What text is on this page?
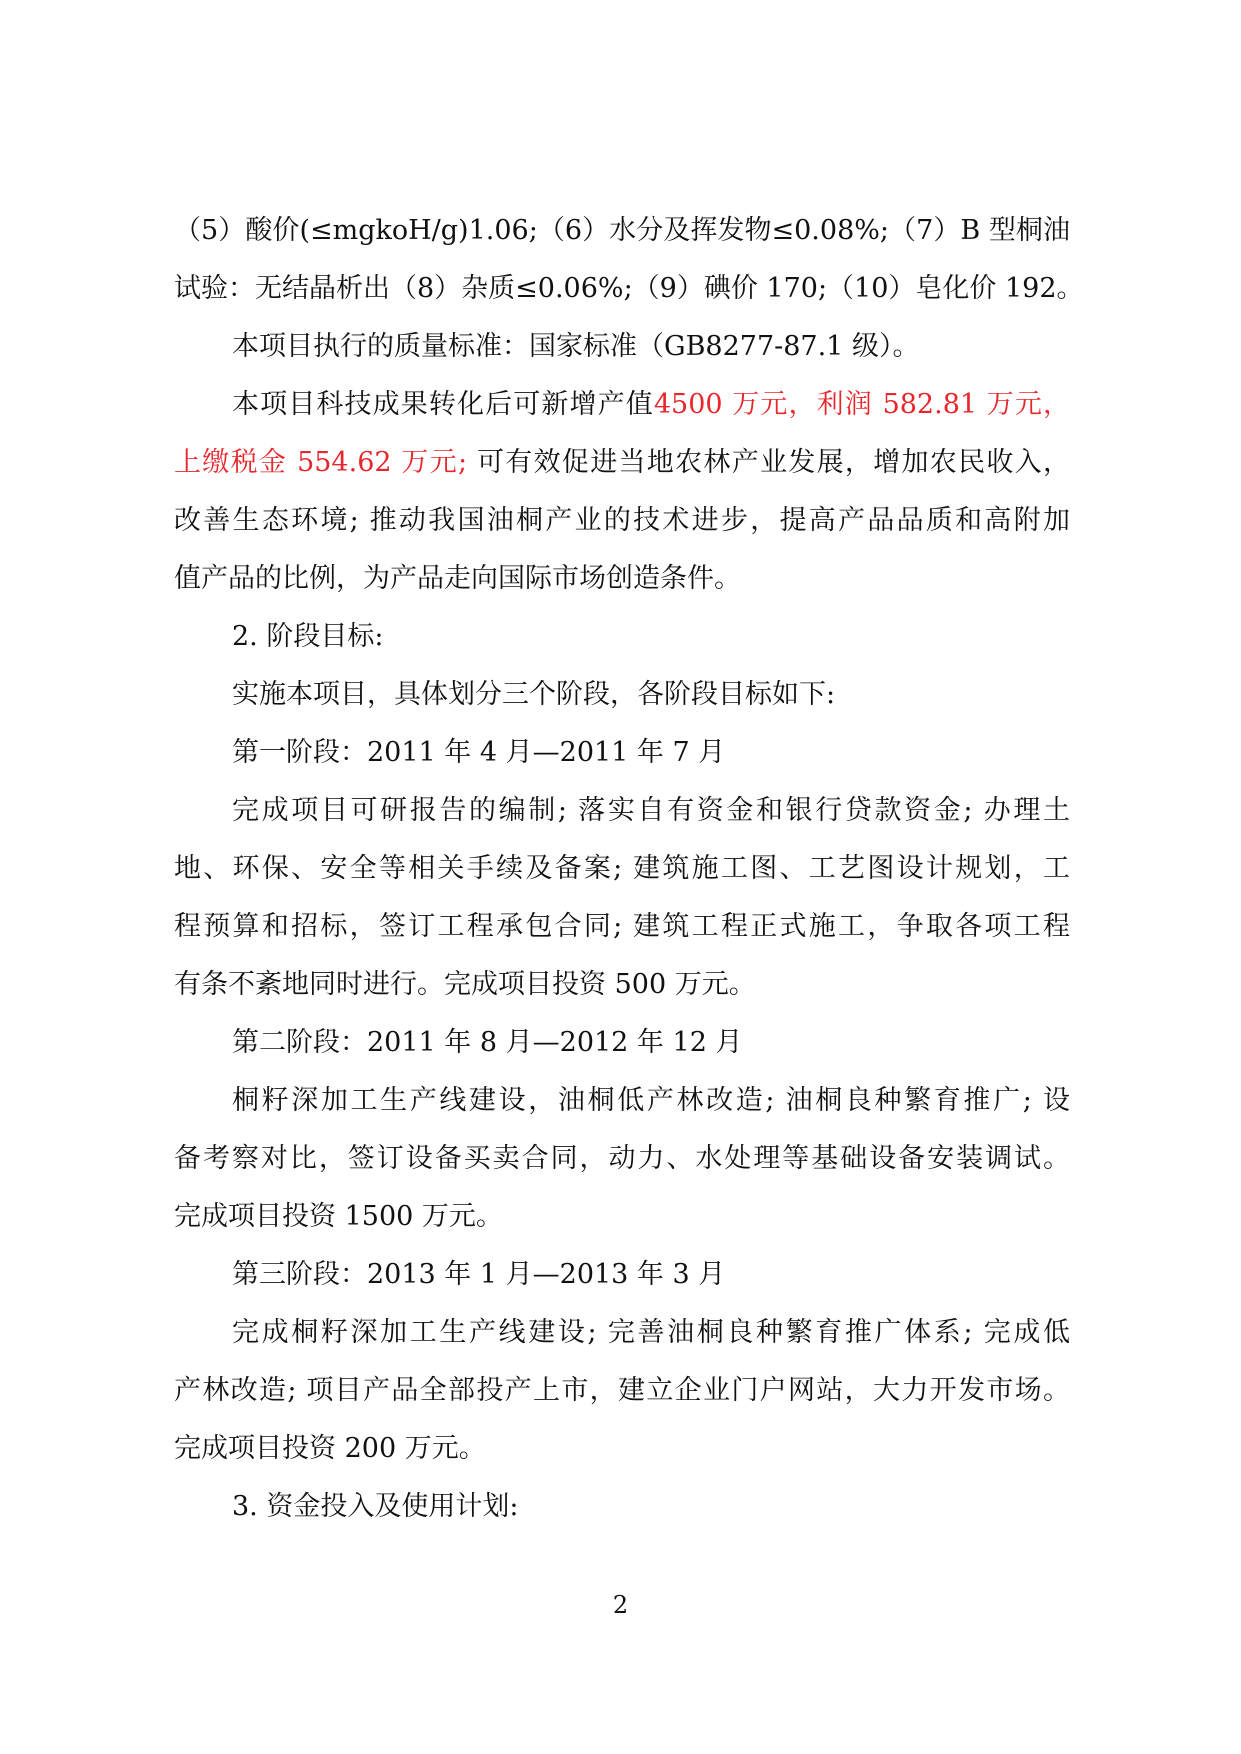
（5）酸价(≤mgkoH/g)1.06;（6）水分及挥发物≤0.08%;（7）B 型桐油
试验：无结晶析出（8）杂质≤0.06%;（9）碘价 170;（10）皂化价 192。
本项目执行的质量标准：国家标准（GB8277-87.1 级）。
本项目科技成果转化后可新增产值4500 万元，利润 582.81 万元，
上缴税金 554.62 万元; 可有效促进当地农林产业发展，增加农民收入，
改善生态环境; 推动我国油桐产业的技术进步，提高产品品质和高附加
值产品的比例，为产品走向国际市场创造条件。
2. 阶段目标:
实施本项目，具体划分三个阶段，各阶段目标如下:
第一阶段：2011 年 4 月—2011 年 7 月
完成项目可研报告的编制; 落实自有资金和银行贷款资金; 办理土
地、环保、安全等相关手续及备案; 建筑施工图、工艺图设计规划，工
程预算和招标，签订工程承包合同; 建筑工程正式施工，争取各项工程
有条不紊地同时进行。完成项目投资 500 万元。
第二阶段：2011 年 8 月—2012 年 12 月
桐籽深加工生产线建设，油桐低产林改造; 油桐良种繁育推广; 设
备考察对比，签订设备买卖合同，动力、水处理等基础设备安装调试。
完成项目投资 1500 万元。
第三阶段：2013 年 1 月—2013 年 3 月
完成桐籽深加工生产线建设; 完善油桐良种繁育推广体系; 完成低
产林改造; 项目产品全部投产上市，建立企业门户网站，大力开发市场。
完成项目投资 200 万元。
3. 资金投入及使用计划:
2
